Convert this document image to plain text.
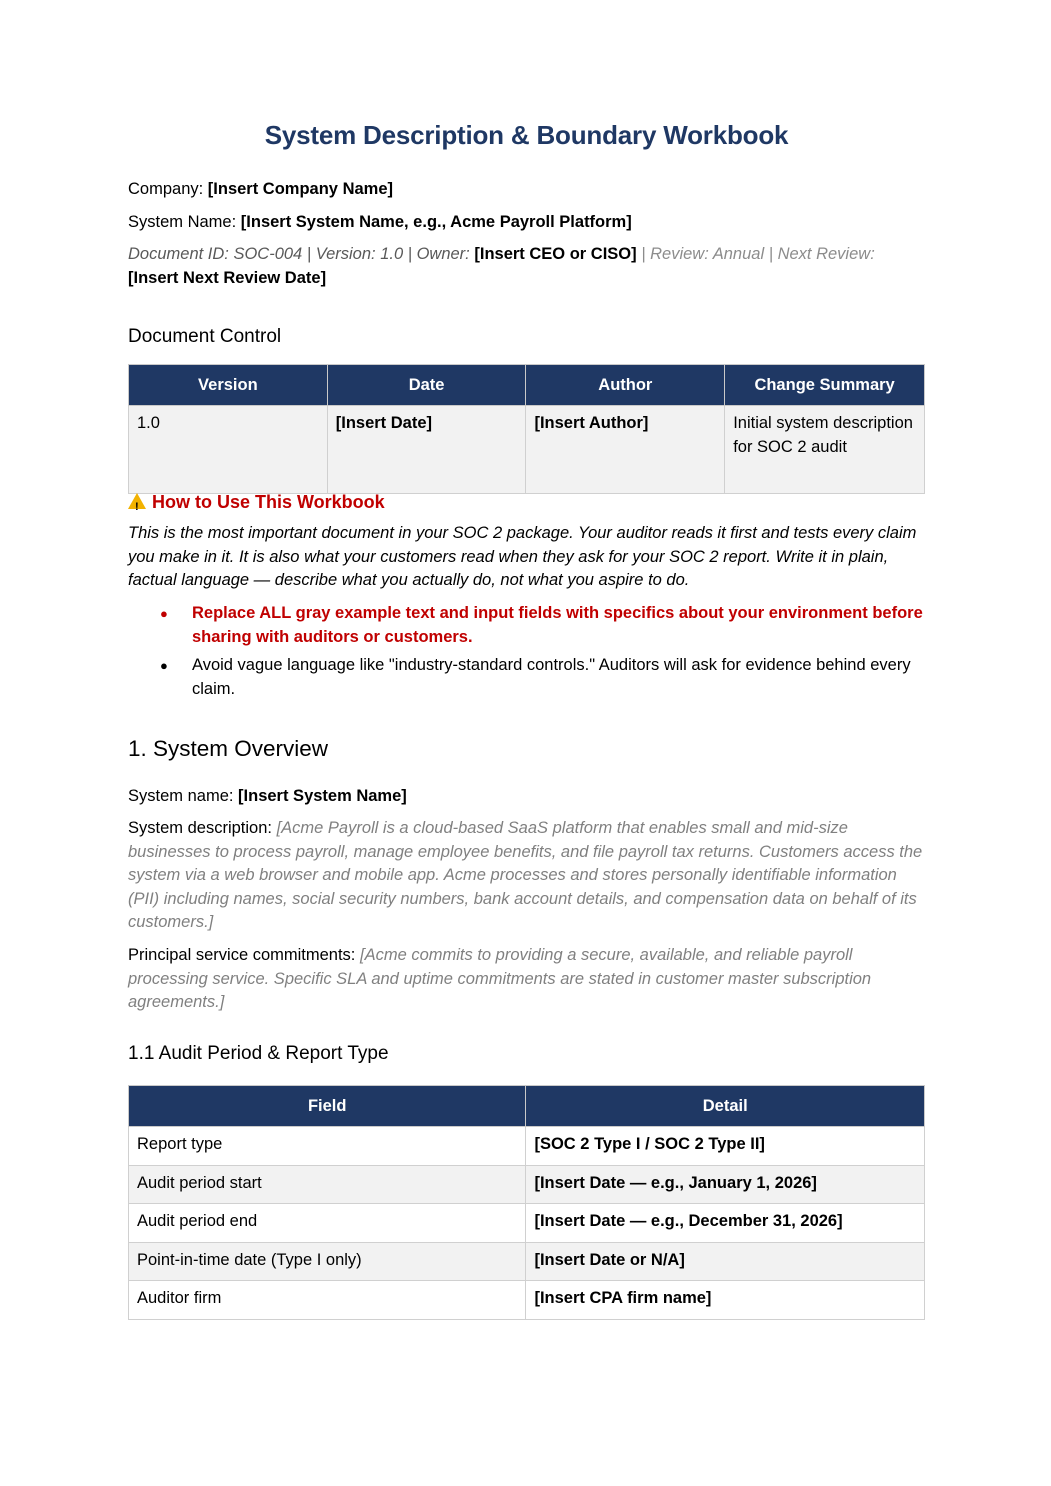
System Description & Boundary Workbook
Company: [Insert Company Name]
System Name: [Insert System Name, e.g., Acme Payroll Platform]
Document ID: SOC-004 | Version: 1.0 | Owner: [Insert CEO or CISO] | Review: Annual | Next Review: [Insert Next Review Date]
Document Control
Version	Date	Author	Change Summary
1.0	[Insert Date]	[Insert Author]	Initial system description for SOC 2 audit
!How to Use This Workbook
This is the most important document in your SOC 2 package. Your auditor reads it first and tests every claim you make in it. It is also what your customers read when they ask for your SOC 2 report. Write it in plain, factual language — describe what you actually do, not what you aspire to do.
● Replace ALL gray example text and input fields with specifics about your environment before sharing with auditors or customers.
● Avoid vague language like "industry-standard controls." Auditors will ask for evidence behind every claim.
1. System Overview
System name: [Insert System Name]
System description: [Acme Payroll is a cloud-based SaaS platform that enables small and mid-size businesses to process payroll, manage employee benefits, and file payroll tax returns. Customers access the system via a web browser and mobile app. Acme processes and stores personally identifiable information (PII) including names, social security numbers, bank account details, and compensation data on behalf of its customers.]
Principal service commitments: [Acme commits to providing a secure, available, and reliable payroll processing service. Specific SLA and uptime commitments are stated in customer master subscription agreements.]
1.1 Audit Period & Report Type
Field	Detail
Report type	[SOC 2 Type I / SOC 2 Type II]
Audit period start	[Insert Date — e.g., January 1, 2026]
Audit period end	[Insert Date — e.g., December 31, 2026]
Point-in-time date (Type I only)	[Insert Date or N/A]
Auditor firm	[Insert CPA firm name]
